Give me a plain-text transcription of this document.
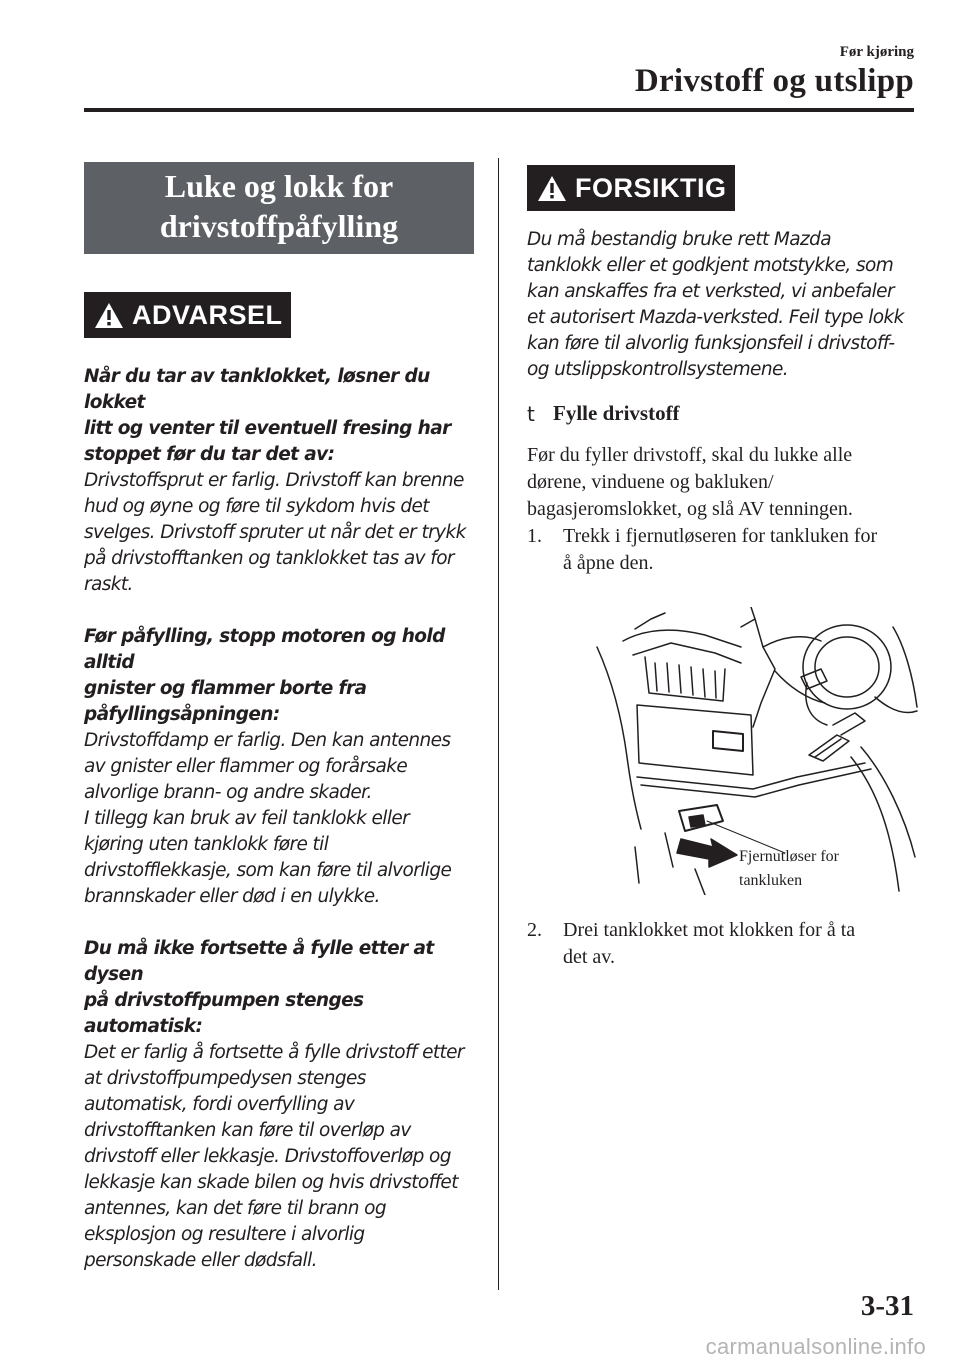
Før kjøring
Drivstoff og utslipp
Luke og lokk for
drivstoffpåfylling
ADVARSEL
Når du tar av tanklokket, løsner du lokket
litt og venter til eventuell fresing har
stoppet før du tar det av:
Drivstoffsprut er farlig. Drivstoff kan brenne
hud og øyne og føre til sykdom hvis det
svelges. Drivstoff spruter ut når det er trykk
på drivstofftanken og tanklokket tas av for
raskt.
Før påfylling, stopp motoren og hold alltid
gnister og flammer borte fra
påfyllingsåpningen:
Drivstoffdamp er farlig. Den kan antennes
av gnister eller flammer og forårsake
alvorlige brann- og andre skader.
I tillegg kan bruk av feil tanklokk eller
kjøring uten tanklokk føre til
drivstofflekkasje, som kan føre til alvorlige
brannskader eller død i en ulykke.
Du må ikke fortsette å fylle etter at dysen
på drivstoffpumpen stenges automatisk:
Det er farlig å fortsette å fylle drivstoff etter
at drivstoffpumpedysen stenges
automatisk, fordi overfylling av
drivstofftanken kan føre til overløp av
drivstoff eller lekkasje. Drivstoffoverløp og
lekkasje kan skade bilen og hvis drivstoffet
antennes, kan det føre til brann og
eksplosjon og resultere i alvorlig
personskade eller dødsfall.
FORSIKTIG
Du må bestandig bruke rett Mazda
tanklokk eller et godkjent motstykke, som
kan anskaffes fra et verksted, vi anbefaler
et autorisert Mazda-verksted. Feil type lokk
kan føre til alvorlig funksjonsfeil i drivstoff-
og utslippskontrollsystemene.
t Fylle drivstoff
Før du fyller drivstoff, skal du lukke alle
dørene, vinduene og bakluken/
bagasjeromslokket, og slå AV tenningen.
1.	Trekk i fjernutløseren for tankluken for
å åpne den.
Fjernutløser for
tankluken
2.	Drei tanklokket mot klokken for å ta
det av.
3-31
carmanualsonline.info
